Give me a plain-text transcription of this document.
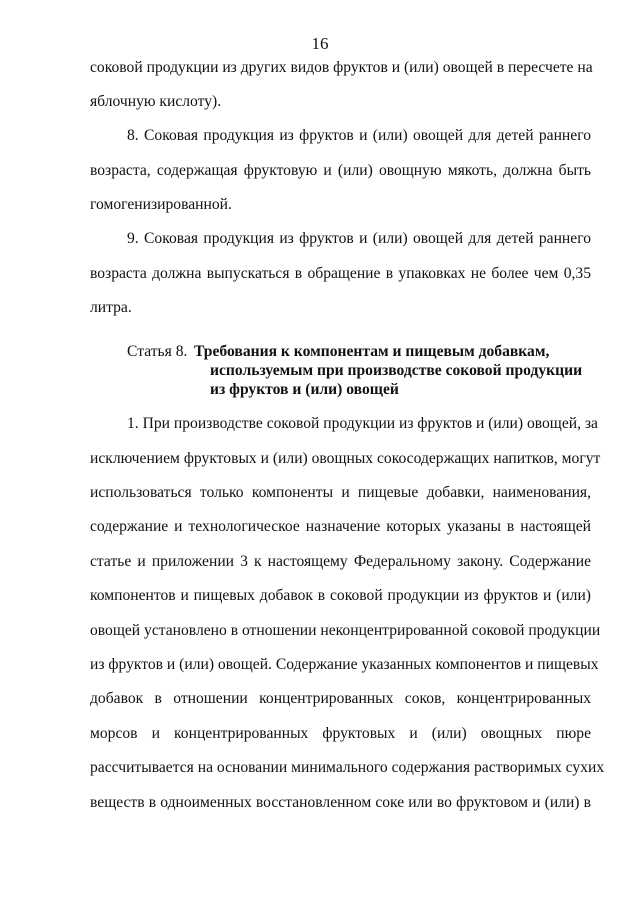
16
соковой продукции из других видов фруктов и (или) овощей в пересчете на
яблочную кислоту).
8. Соковая продукция из фруктов и (или) овощей для детей раннего
возраста, содержащая фруктовую и (или) овощную мякоть, должна быть
гомогенизированной.
9. Соковая продукция из фруктов и (или) овощей для детей раннего
возраста должна выпускаться в обращение в упаковках не более чем 0,35
литра.
Статья 8. Требования к компонентам и пищевым добавкам,
используемым при производстве соковой продукции
из фруктов и (или) овощей
1. При производстве соковой продукции из фруктов и (или) овощей, за
исключением фруктовых и (или) овощных сокосодержащих напитков, могут
использоваться только компоненты и пищевые добавки, наименования,
содержание и технологическое назначение которых указаны в настоящей
статье и приложении 3 к настоящему Федеральному закону. Содержание
компонентов и пищевых добавок в соковой продукции из фруктов и (или)
овощей установлено в отношении неконцентрированной соковой продукции
из фруктов и (или) овощей. Содержание указанных компонентов и пищевых
добавок в отношении концентрированных соков, концентрированных
морсов и концентрированных фруктовых и (или) овощных пюре
рассчитывается на основании минимального содержания растворимых сухих
веществ в одноименных восстановленном соке или во фруктовом и (или) в
